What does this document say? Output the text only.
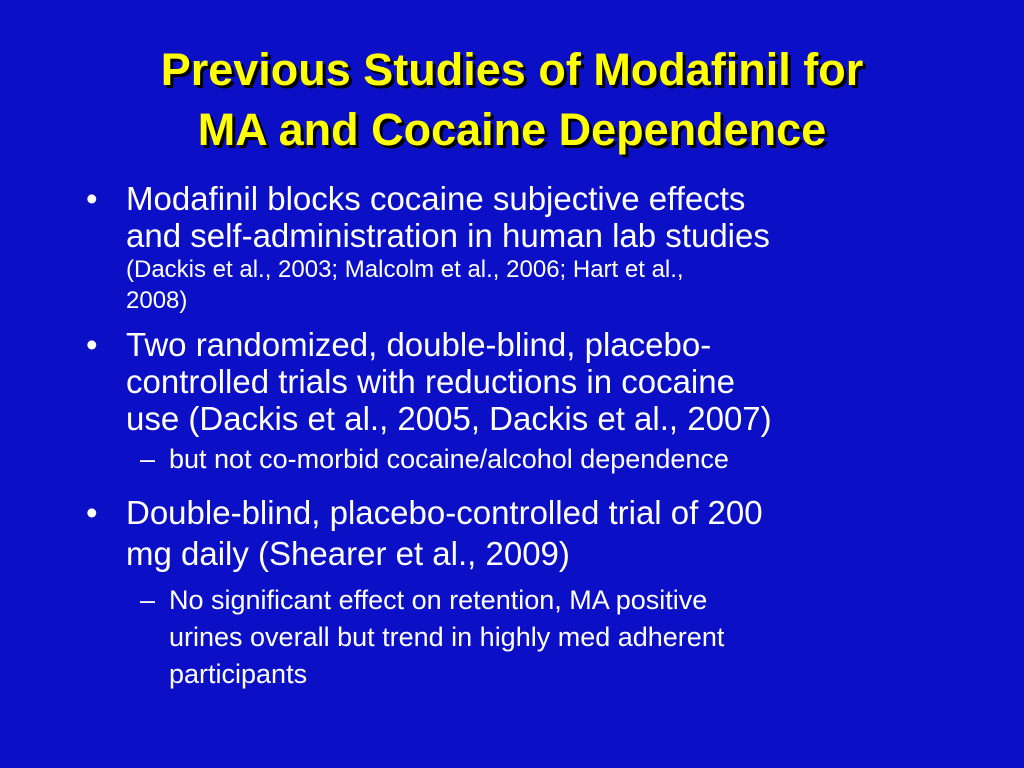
Previous Studies of Modafinil for
MA and Cocaine Dependence
• Modafinil blocks cocaine subjective effects
and self-administration in human lab studies
(Dackis et al., 2003; Malcolm et al., 2006; Hart et al.,
2008)
• Two randomized, double-blind, placebo-
controlled trials with reductions in cocaine
use (Dackis et al., 2005, Dackis et al., 2007)
– but not co-morbid cocaine/alcohol dependence
• Double-blind, placebo-controlled trial of 200
mg daily (Shearer et al., 2009)
– No significant effect on retention, MA positive
urines overall but trend in highly med adherent
participants
